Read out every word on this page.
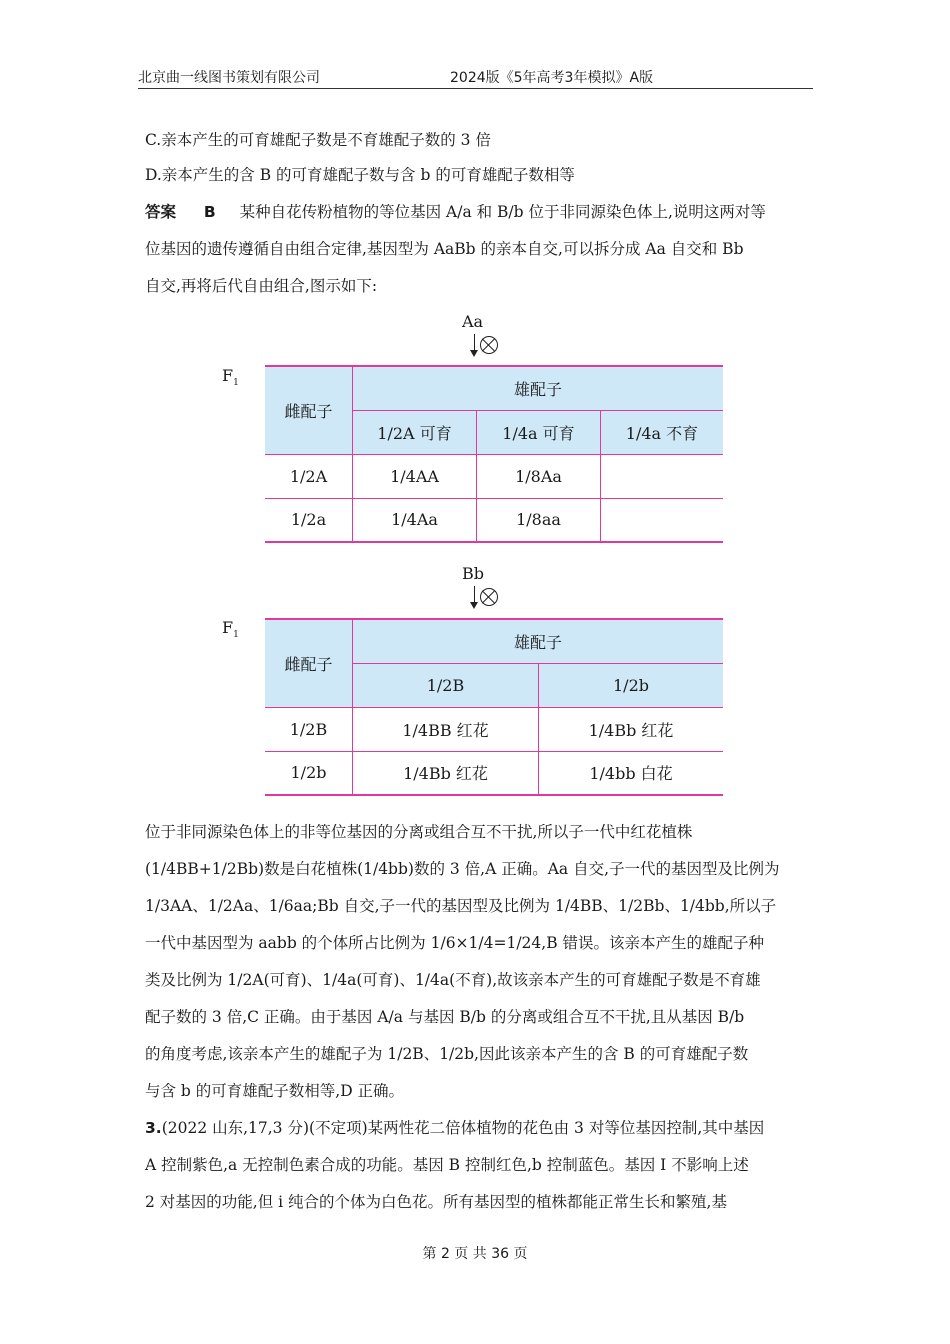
北京曲一线图书策划有限公司	2024版《5年高考3年模拟》A版
C.亲本产生的可育雄配子数是不育雄配子数的 3 倍
D.亲本产生的含 B 的可育雄配子数与含 b 的可育雄配子数相等
答案 B 某种自花传粉植物的等位基因 A/a 和 B/b 位于非同源染色体上,说明这两对等
位基因的遗传遵循自由组合定律,基因型为 AaBb 的亲本自交,可以拆分成 Aa 自交和 Bb
自交,再将后代自由组合,图示如下:
Aa
$F_1$
雌配子	雄配子		
	1/2A 可育	1/4a 可育	1/4a 不育
1/2A	1/4AA	1/8Aa	
1/2a	1/4Aa	1/8aa	
Bb
$F_1$
雌配子	雄配子	
	1/2B	1/2b
1/2B	1/4BB 红花	1/4Bb 红花
1/2b	1/4Bb 红花	1/4bb 白花
位于非同源染色体上的非等位基因的分离或组合互不干扰,所以子一代中红花植株
(1/4BB+1/2Bb)数是白花植株(1/4bb)数的 3 倍,A 正确。Aa 自交,子一代的基因型及比例为
1/3AA、1/2Aa、1/6aa;Bb 自交,子一代的基因型及比例为 1/4BB、1/2Bb、1/4bb,所以子
一代中基因型为 aabb 的个体所占比例为 1/6×1/4=1/24,B 错误。该亲本产生的雄配子种
类及比例为 1/2A(可育)、1/4a(可育)、1/4a(不育),故该亲本产生的可育雄配子数是不育雄
配子数的 3 倍,C 正确。由于基因 A/a 与基因 B/b 的分离或组合互不干扰,且从基因 B/b
的角度考虑,该亲本产生的雄配子为 1/2B、1/2b,因此该亲本产生的含 B 的可育雄配子数
与含 b 的可育雄配子数相等,D 正确。
3.(2022 山东,17,3 分)(不定项)某两性花二倍体植物的花色由 3 对等位基因控制,其中基因
A 控制紫色,a 无控制色素合成的功能。基因 B 控制红色,b 控制蓝色。基因 I 不影响上述
2 对基因的功能,但 i 纯合的个体为白色花。所有基因型的植株都能正常生长和繁殖,基
第 2 页 共 36 页
